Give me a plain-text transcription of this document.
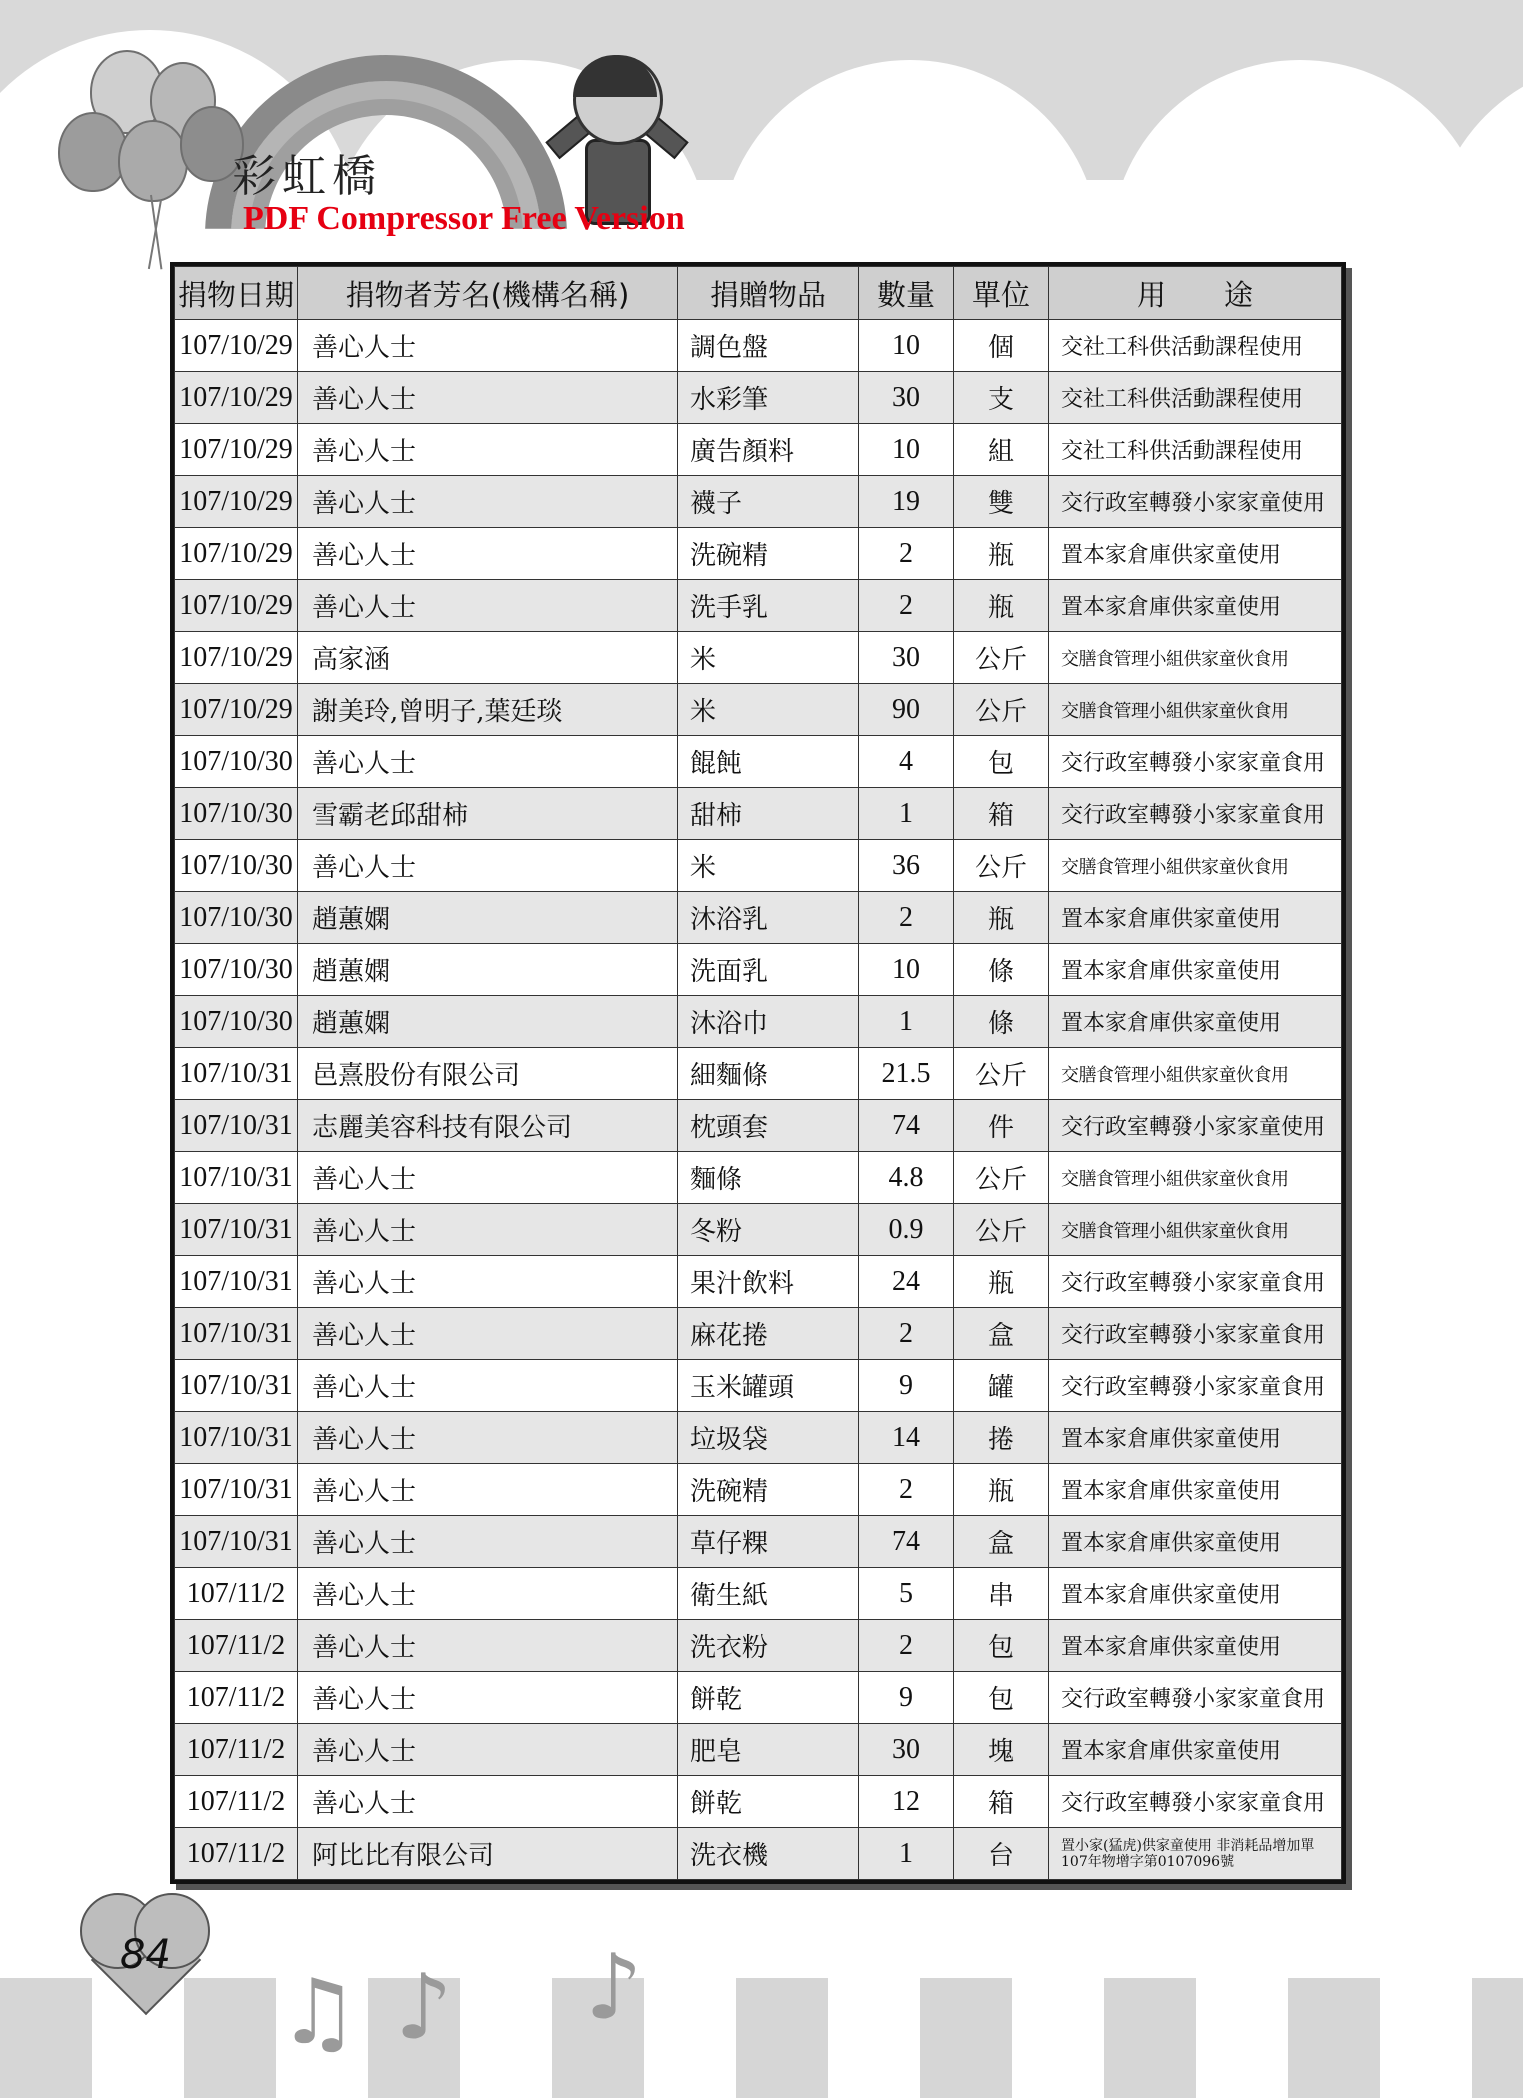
彩虹橋
PDF Compressor Free Version
捐物日期	捐物者芳名(機構名稱)	捐贈物品	數量	單位	用　　途
107/10/29	善心人士	調色盤	10	個	交社工科供活動課程使用
107/10/29	善心人士	水彩筆	30	支	交社工科供活動課程使用
107/10/29	善心人士	廣告顏料	10	組	交社工科供活動課程使用
107/10/29	善心人士	襪子	19	雙	交行政室轉發小家家童使用
107/10/29	善心人士	洗碗精	2	瓶	置本家倉庫供家童使用
107/10/29	善心人士	洗手乳	2	瓶	置本家倉庫供家童使用
107/10/29	高家涵	米	30	公斤	交膳食管理小組供家童伙食用
107/10/29	謝美玲,曾明子,葉廷琰	米	90	公斤	交膳食管理小組供家童伙食用
107/10/30	善心人士	餛飩	4	包	交行政室轉發小家家童食用
107/10/30	雪霸老邱甜柿	甜柿	1	箱	交行政室轉發小家家童食用
107/10/30	善心人士	米	36	公斤	交膳食管理小組供家童伙食用
107/10/30	趙蕙嫻	沐浴乳	2	瓶	置本家倉庫供家童使用
107/10/30	趙蕙嫻	洗面乳	10	條	置本家倉庫供家童使用
107/10/30	趙蕙嫻	沐浴巾	1	條	置本家倉庫供家童使用
107/10/31	邑熹股份有限公司	細麵條	21.5	公斤	交膳食管理小組供家童伙食用
107/10/31	志麗美容科技有限公司	枕頭套	74	件	交行政室轉發小家家童使用
107/10/31	善心人士	麵條	4.8	公斤	交膳食管理小組供家童伙食用
107/10/31	善心人士	冬粉	0.9	公斤	交膳食管理小組供家童伙食用
107/10/31	善心人士	果汁飲料	24	瓶	交行政室轉發小家家童食用
107/10/31	善心人士	麻花捲	2	盒	交行政室轉發小家家童食用
107/10/31	善心人士	玉米罐頭	9	罐	交行政室轉發小家家童食用
107/10/31	善心人士	垃圾袋	14	捲	置本家倉庫供家童使用
107/10/31	善心人士	洗碗精	2	瓶	置本家倉庫供家童使用
107/10/31	善心人士	草仔粿	74	盒	置本家倉庫供家童使用
107/11/2	善心人士	衛生紙	5	串	置本家倉庫供家童使用
107/11/2	善心人士	洗衣粉	2	包	置本家倉庫供家童使用
107/11/2	善心人士	餅乾	9	包	交行政室轉發小家家童食用
107/11/2	善心人士	肥皂	30	塊	置本家倉庫供家童使用
107/11/2	善心人士	餅乾	12	箱	交行政室轉發小家家童食用
107/11/2	阿比比有限公司	洗衣機	1	台	置小家(猛虎)供家童使用 非消耗品增加單107年物增字第0107096號
84
♫ ♪ ♪
